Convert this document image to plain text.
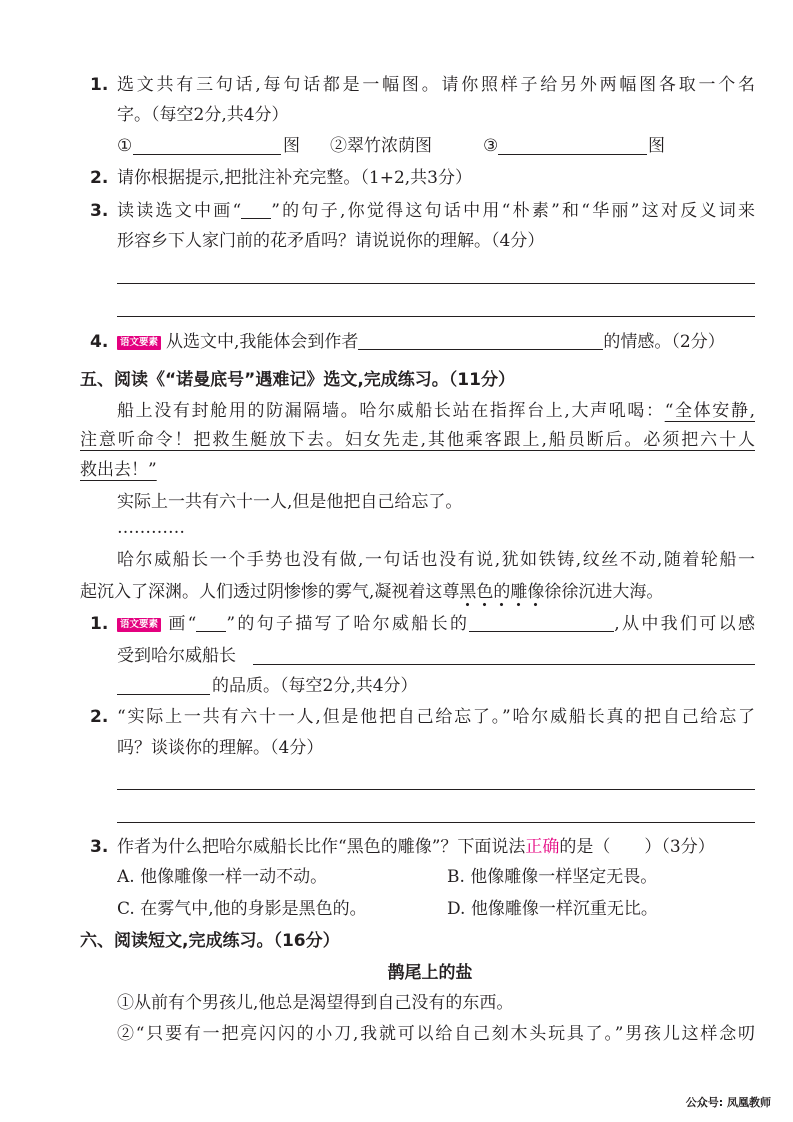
1. 选文共有三句话,每句话都是一幅图。请你照样子给另外两幅图各取一个名
字。（每空2分,共4分）
①	图 ②翠竹浓荫图	③	图
2. 请你根据提示,把批注补充完整。（1+2,共3分）
3. 读读选文中画“ ”的句子,你觉得这句话中用“朴素”和“华丽”这对反义词来
形容乡下人家门前的花矛盾吗？请说说你的理解。（4分）
4.	语文要素 从选文中,我能体会到作者	的情感。（2分）
五、阅读《“诺曼底号”遇难记》选文,完成练习。（11分）
船上没有封舱用的防漏隔墙。哈尔威船长站在指挥台上,大声吼喝：“全体安静,
注意听命令！把救生艇放下去。妇女先走,其他乘客跟上,船员断后。必须把六十人
救出去！”
实际上一共有六十一人,但是他把自己给忘了。
…………
哈尔威船长一个手势也没有做,一句话也没有说,犹如铁铸,纹丝不动,随着轮船一
起沉入了深渊。人们透过阴惨惨的雾气,凝视着这尊黑色的雕像徐徐沉进大海。
1.	语文要素 画“ ”的句子描写了哈尔威船长的	,从中我们可以感
受到哈尔威船长
的品质。（每空2分,共4分）
2. “实际上一共有六十一人,但是他把自己给忘了。”哈尔威船长真的把自己给忘了
吗？谈谈你的理解。（4分）
3. 作者为什么把哈尔威船长比作“黑色的雕像”？下面说法正确的是（ ）（3分）
A. 他像雕像一样一动不动。	B. 他像雕像一样坚定无畏。
C. 在雾气中,他的身影是黑色的。	D. 他像雕像一样沉重无比。
六、阅读短文,完成练习。（16分）
鹊尾上的盐
①从前有个男孩儿,他总是渴望得到自己没有的东西。
②“只要有一把亮闪闪的小刀,我就可以给自己刻木头玩具了。”男孩儿这样念叨
公众号: 凤凰教师
